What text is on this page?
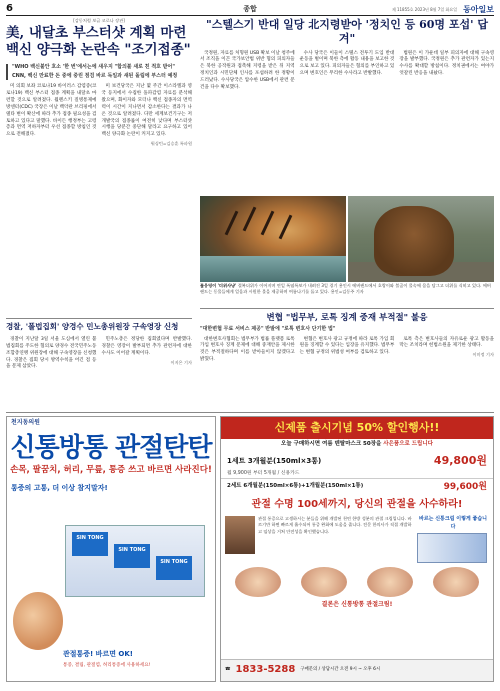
6	종합	제 11855호 2023년 8월 7일 화요일 동아일보
[감동처럼 보급 코로나 장관]
美, 내달초 부스터샷 계획 마련
백신 양극화 논란속 "조기접종"
"WHO 백신불안 호소 '한 번'에서는에 새우지 "합의불 새로 친 적호 받어"
CNN, 백신 만료한 돈 중에 중린 점검 바르 독일과 새된 돌림에 부스터 예정

미 의회 보좌 코로나19 바이러스 감염증(코로나19) 백신 부스터 접종 계획을 내달초 마련할 것으로 알려졌다. 월렌스키 질병통제예방센터(CDC) 국장은 이날 백악관 브리핑에서 델타 변이 확산에 따라 추가 접종 필요성을 검토하고 있다고 말했다. 바이든 행정부는 고령층과 면역 저하자부터 우선 접종할 방침인 것으로 전해졌다.

미 보건당국은 지난 몇 주간 이스라엘과 영국 등지에서 수집한 돌파감염 자료를 분석해 왔으며, 화이자와 모더나 백신 접종자의 면역력이 시간이 지나면서 감소한다는 결과가 나온 것으로 알려졌다. 다만 세계보건기구는 저개발국의 접종률이 여전히 낮다며 부스터샷 시행을 당분간 중단해 달라고 요구하고 있어 백신 양극화 논란이 커지고 있다.

워싱턴=김승훈 특파원
"스텔스기 반대 일당 北지령받아 '정치인 등 60명 포섭' 답겨"

국정원, 자료를 처형원 USB 확보 이날 청주에서 조직을 이끈 국가보안법 위반 혐의 피의자들은 북한 공작원과 접촉해 지령을 받은 뒤 지역 정치인과 시민단체 인사를 포섭하려 한 정황이 드러났다. 수사당국은 압수한 USB에서 관련 문건을 다수 확보했다.

수사 당국은 이들이 스텔스 전투기 도입 반대 운동을 벌이며 북한 측에 활동 내용을 보고한 것으로 보고 있다. 피의자들은 혐의를 부인하고 있으며 변호인은 무리한 수사라고 반발했다.

법원은 이 가운데 일부 피의자에 대해 구속영장을 발부했다. 국정원은 추가 관련자가 있는지 수사를 확대할 방침이다. 정치권에서는 여야가 엇갈린 반응을 내놨다.

물웅덩이 '더위사냥' 절복더위가 이어지며 연일 폭염특보가 내려진 3일 경기 용인시 에버랜드에서 호랑이와 불곰이 물속에 몸을 담그고 더위를 식히고 있다. 에버랜드는 동물들에게 얼음과 시원한 물을 제공하며 여름나기를 돕고 있다. 용인=김동주 기자
경찰, '폴법집회' 양경수 민노총위원장 구속영장 신청

경찰이 지난달 3일 서울 도심에서 열린 불법집회를 주도한 혐의로 양경수 전국민주노동조합총연맹 위원장에 대해 구속영장을 신청했다. 경찰은 집회 당시 방역수칙을 어긴 점 등을 문제 삼았다.

민주노총은 정당한 집회였다며 반발했다. 경찰은 영장이 발부되면 추가 관련자에 대한 수사도 이어갈 계획이다.

이지은 기자
변협 "법무부, 로톡 징계 중재 부적절" 불응
"대한변협 무료 서비스 제공" 반발에 "로톡 변호사 단기한 법"

대한변호사협회는 법무부가 법률 플랫폼 로톡 가입 변호사 징계 문제에 대해 중재안을 제시한 것은 부적절하다며 이를 받아들이지 않겠다고 밝혔다.

변협은 변호사 광고 규정에 따라 로톡 가입 회원을 징계할 수 있다는 입장을 유지했다. 법무부는 변협 규정의 위법성 여부를 검토하고 있다.

로톡 측은 변호사들의 자유로운 광고 활동을 막는 조치라며 헌법소원을 제기한 상태다.

이미정 기자
천지동의원
신통방통 관절탄탄
손목, 팔꿈치, 허리, 무릎, 통증 쓰고 바르면 사라진다!
통증의 고통, 더 이상 참지말자!
SIN TONG
SIN TONG
SIN TONG
관절통증! 바르면 OK!
통증, 결림, 관절염, 허리통증에 사용하세요!
신제품 출시기념 50% 할인행사!!
오늘 구매하시면 여름 덴탈마스크 50장을 사은품으로 드립니다
1세트 3개월분(150ml×3통)	49,800원
월 9,900원 부터 5개월 / 신용카드
2세트 6개월분(150ml×6통)+1개월분(150ml×1통)	99,600원
관절 수명 100세까지, 당신의 관절을 사수하라!
관절 통증으로 고생하시는 분들을 위해 개발된 천연 한방 성분의 관절 크림입니다. 바르기만 하면 빠르게 흡수되어 통증 완화에 도움을 줍니다. 전문 한의사가 직접 개발하고 임상을 거쳐 안전성을 확인했습니다.
바르는 신통크림 이렇게 좋습니다
결론은 신통방통 관절크림!
☎ 1833-5288 구매문의 / 상담시간 오전 9시 ~ 오후 6시
